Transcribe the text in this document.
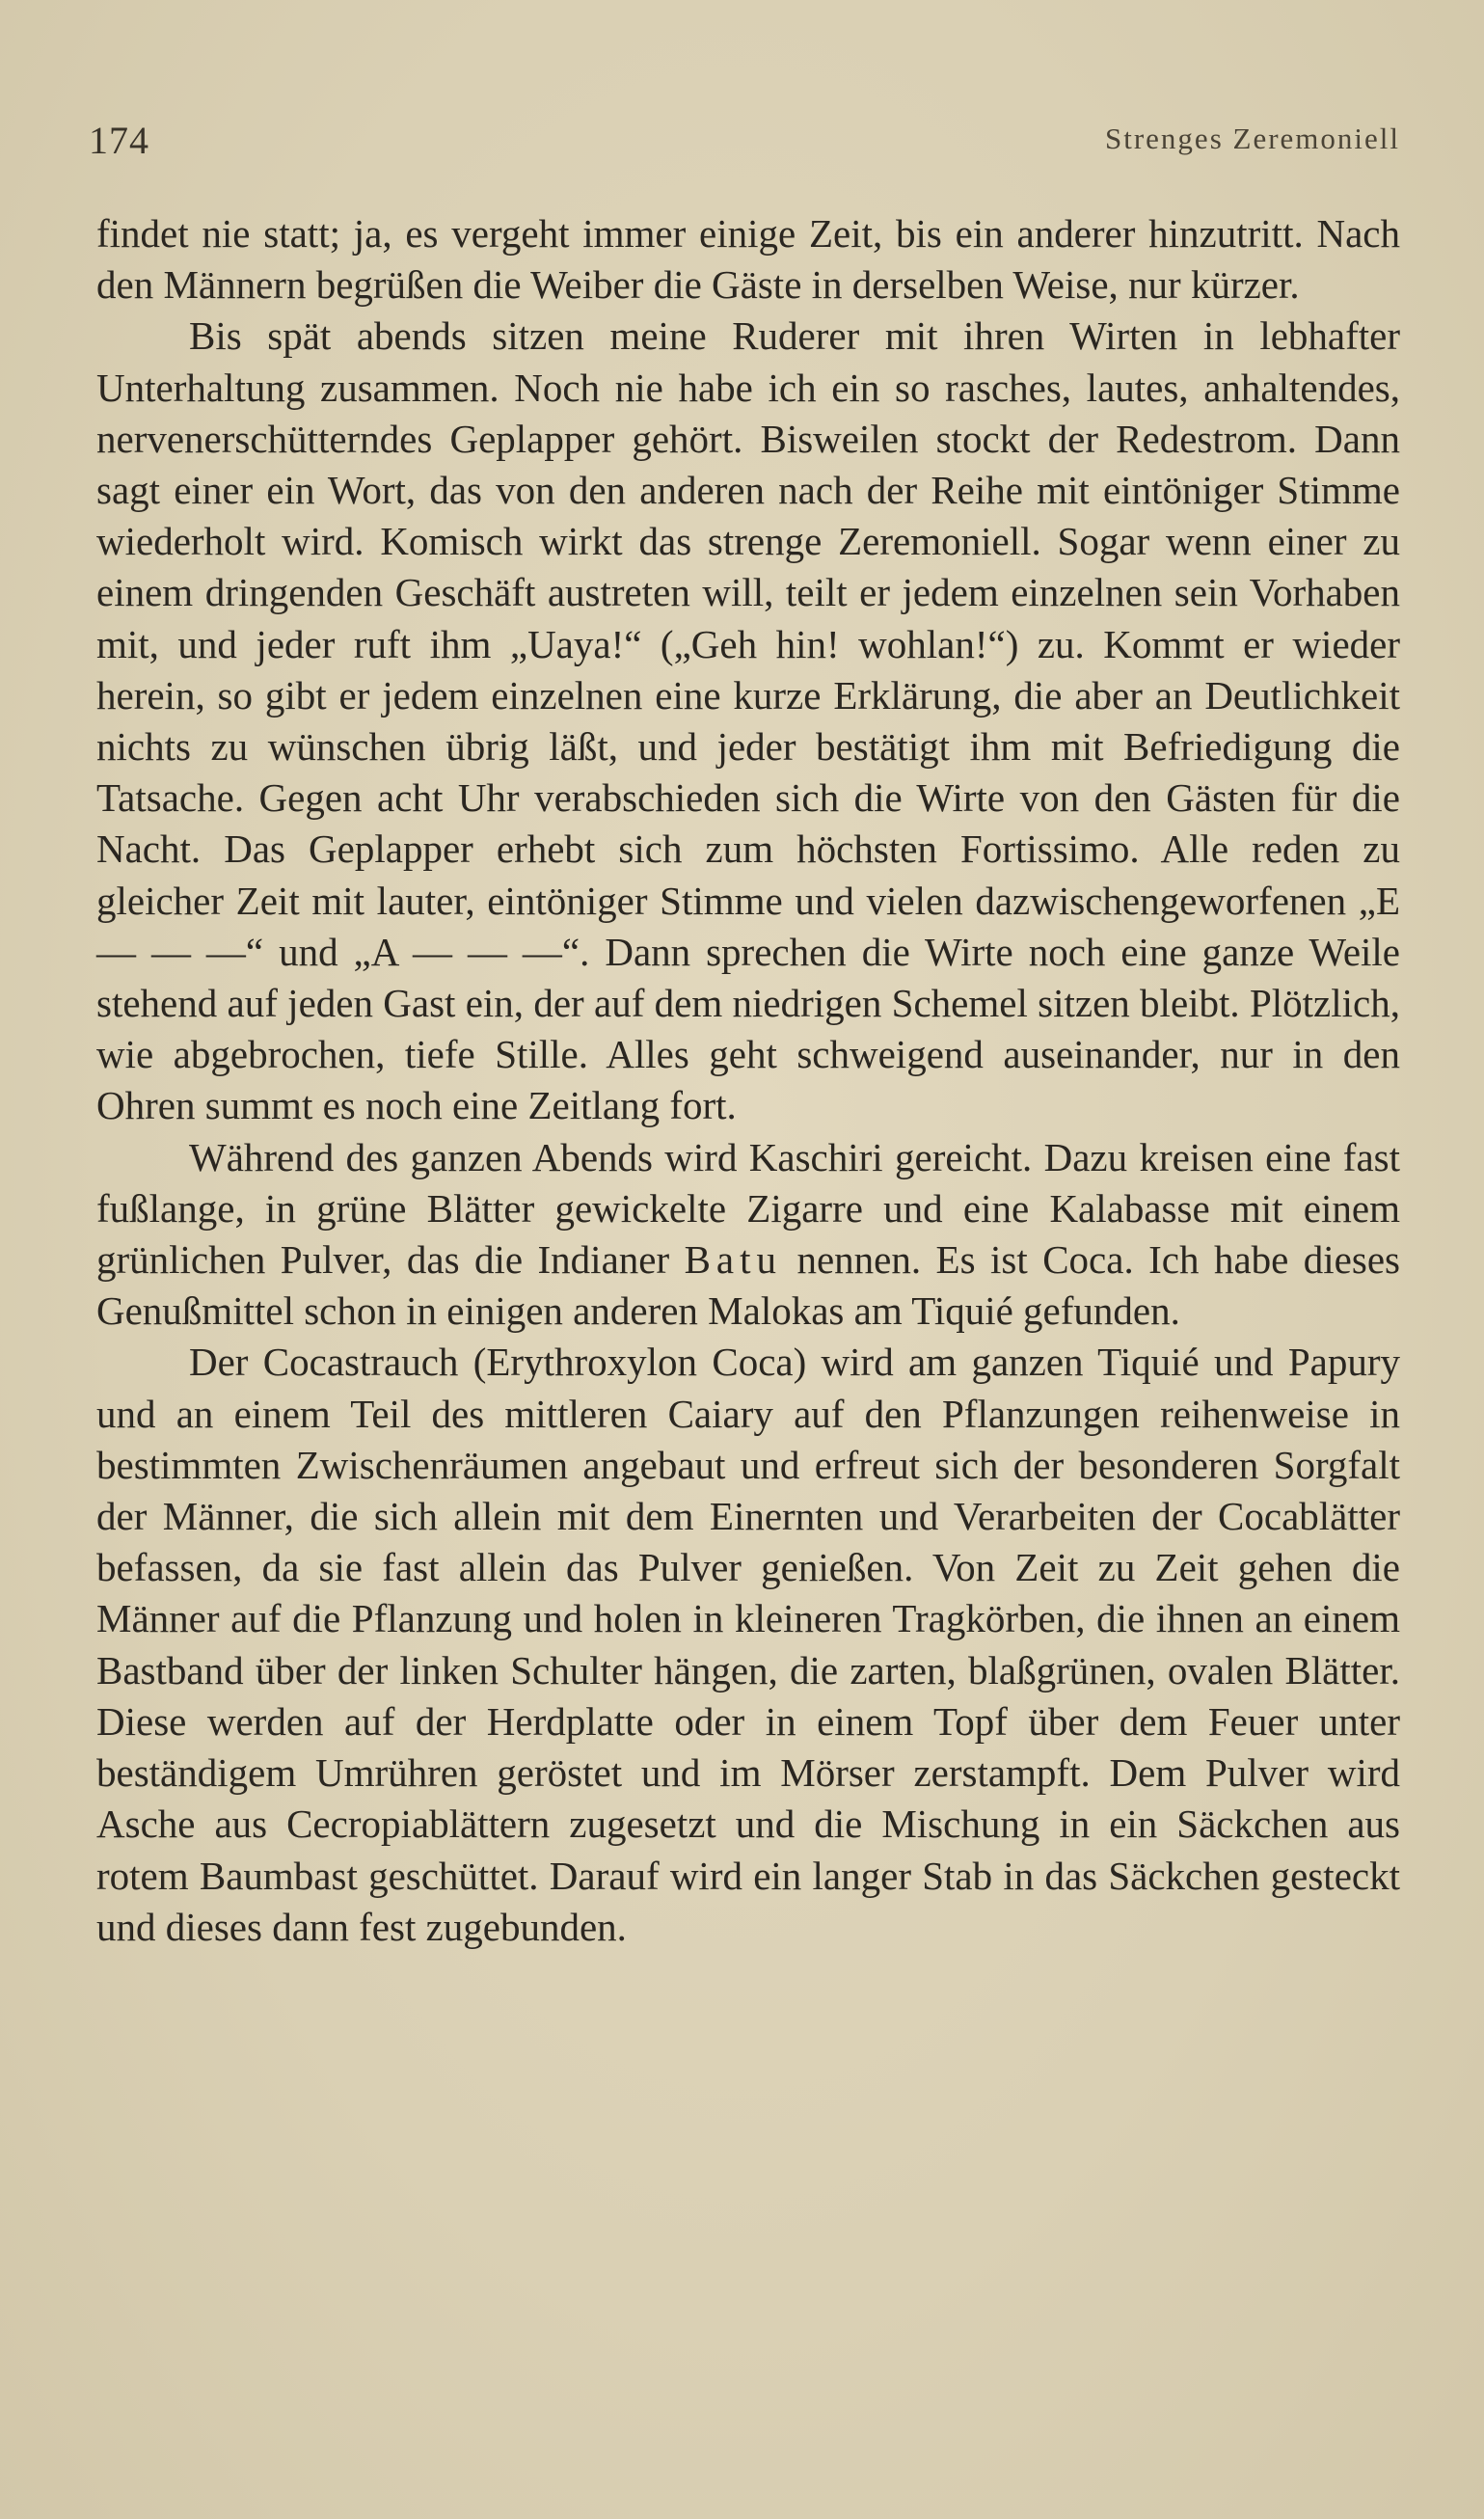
174	Strenges Zeremoniell

findet nie statt; ja, es vergeht immer einige Zeit, bis ein anderer hinzutritt. Nach den Männern begrüßen die Weiber die Gäste in derselben Weise, nur kürzer.

Bis spät abends sitzen meine Ruderer mit ihren Wirten in lebhafter Unterhaltung zusammen. Noch nie habe ich ein so rasches, lautes, anhaltendes, nervenerschütterndes Geplapper gehört. Bisweilen stockt der Redestrom. Dann sagt einer ein Wort, das von den anderen nach der Reihe mit eintöniger Stimme wiederholt wird. Komisch wirkt das strenge Zeremoniell. Sogar wenn einer zu einem dringenden Geschäft austreten will, teilt er jedem einzelnen sein Vorhaben mit, und jeder ruft ihm „Uaya!“ („Geh hin! wohlan!“) zu. Kommt er wieder herein, so gibt er jedem einzelnen eine kurze Erklärung, die aber an Deutlichkeit nichts zu wünschen übrig läßt, und jeder bestätigt ihm mit Befriedigung die Tatsache. Gegen acht Uhr verabschieden sich die Wirte von den Gästen für die Nacht. Das Geplapper erhebt sich zum höchsten Fortissimo. Alle reden zu gleicher Zeit mit lauter, eintöniger Stimme und vielen dazwischengeworfenen „E — — —“ und „A — — —“. Dann sprechen die Wirte noch eine ganze Weile stehend auf jeden Gast ein, der auf dem niedrigen Schemel sitzen bleibt. Plötzlich, wie abgebrochen, tiefe Stille. Alles geht schweigend auseinander, nur in den Ohren summt es noch eine Zeitlang fort.

Während des ganzen Abends wird Kaschiri gereicht. Dazu kreisen eine fast fußlange, in grüne Blätter gewickelte Zigarre und eine Kalabasse mit einem grünlichen Pulver, das die Indianer Batu nennen. Es ist Coca. Ich habe dieses Genußmittel schon in einigen anderen Malokas am Tiquié gefunden.

Der Cocastrauch (Erythroxylon Coca) wird am ganzen Tiquié und Papury und an einem Teil des mittleren Caiary auf den Pflanzungen reihenweise in bestimmten Zwischenräumen angebaut und erfreut sich der besonderen Sorgfalt der Männer, die sich allein mit dem Einernten und Verarbeiten der Cocablätter befassen, da sie fast allein das Pulver genießen. Von Zeit zu Zeit gehen die Männer auf die Pflanzung und holen in kleineren Tragkörben, die ihnen an einem Bastband über der linken Schulter hängen, die zarten, blaßgrünen, ovalen Blätter. Diese werden auf der Herdplatte oder in einem Topf über dem Feuer unter beständigem Umrühren geröstet und im Mörser zerstampft. Dem Pulver wird Asche aus Cecropiablättern zugesetzt und die Mischung in ein Säckchen aus rotem Baumbast geschüttet. Darauf wird ein langer Stab in das Säckchen gesteckt und dieses dann fest zugebunden.
